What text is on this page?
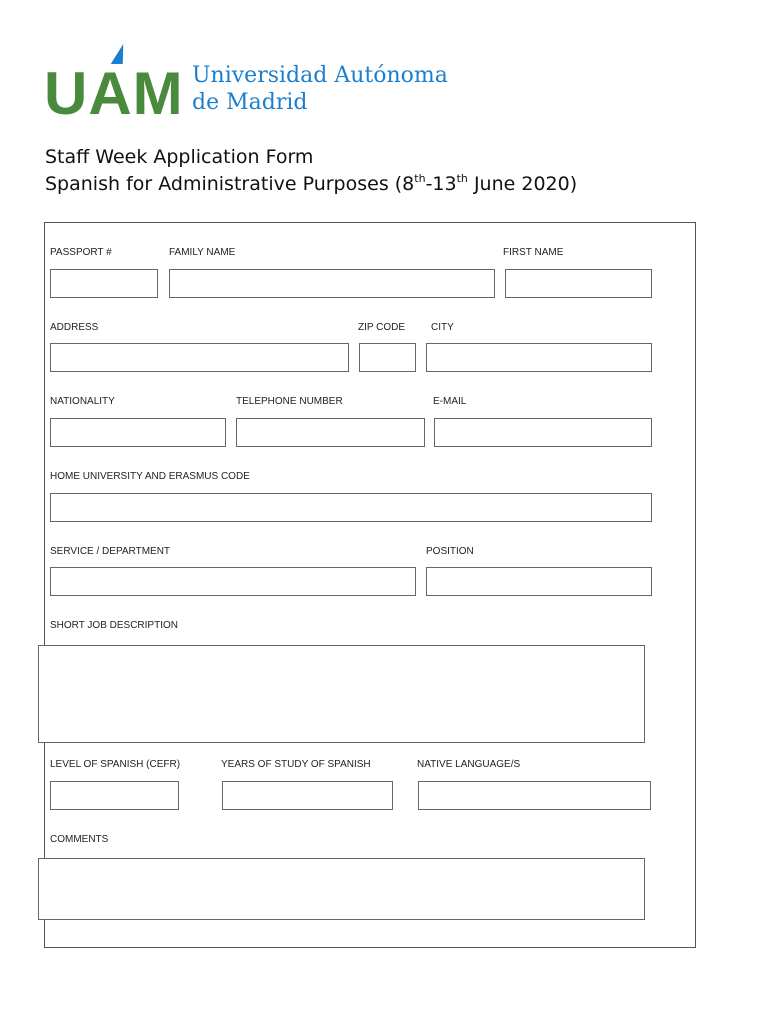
UAM Universidad Autónoma
de Madrid
Staff Week Application Form
Spanish for Administrative Purposes (8th-13th June 2020)
PASSPORT #	FAMILY NAME	FIRST NAME
ADDRESS	ZIP CODE	CITY
NATIONALITY	TELEPHONE NUMBER	E-MAIL
HOME UNIVERSITY AND ERASMUS CODE
SERVICE / DEPARTMENT	POSITION
SHORT JOB DESCRIPTION
LEVEL OF SPANISH (CEFR)	YEARS OF STUDY OF SPANISH	NATIVE LANGUAGE/S
COMMENTS
